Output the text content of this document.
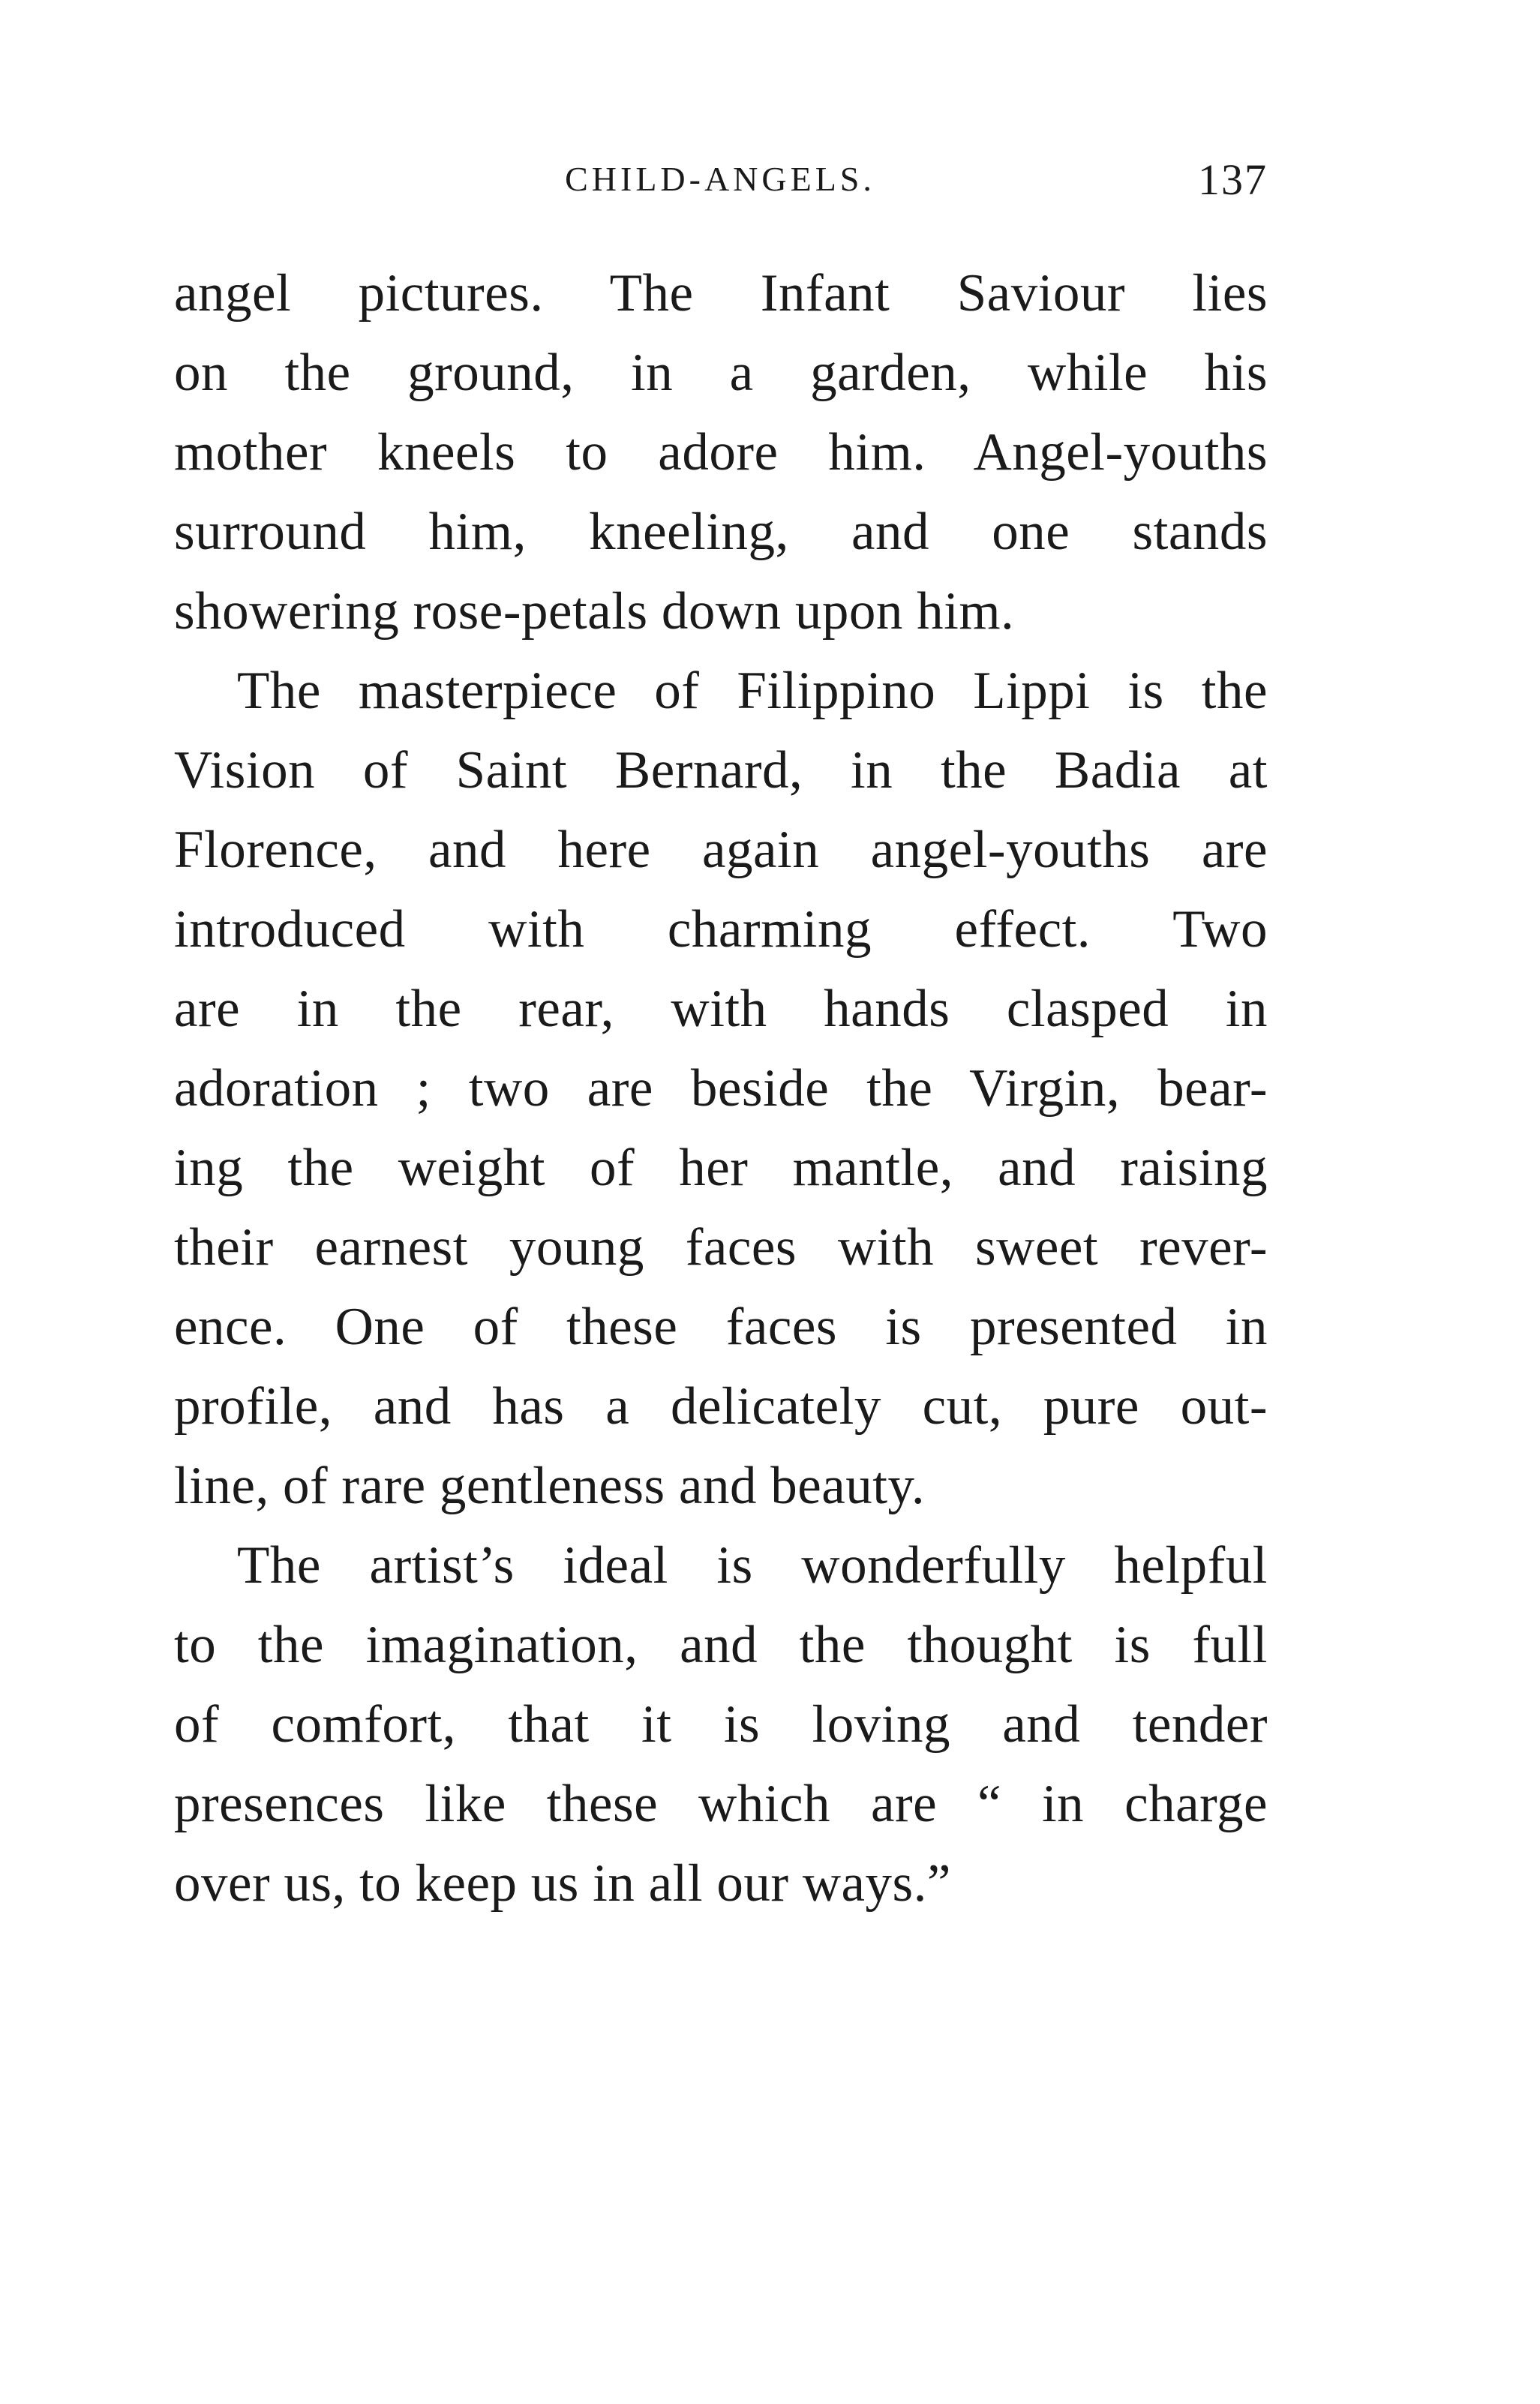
CHILD-ANGELS.	137
angel pictures. The Infant Saviour lies
on the ground, in a garden, while his
mother kneels to adore him. Angel-youths
surround him, kneeling, and one stands
showering rose-petals down upon him.
The masterpiece of Filippino Lippi is the
Vision of Saint Bernard, in the Badia at
Florence, and here again angel-youths are
introduced with charming effect. Two
are in the rear, with hands clasped in
adoration ; two are beside the Virgin, bear-
ing the weight of her mantle, and raising
their earnest young faces with sweet rever-
ence. One of these faces is presented in
profile, and has a delicately cut, pure out-
line, of rare gentleness and beauty.
The artist’s ideal is wonderfully helpful
to the imagination, and the thought is full
of comfort, that it is loving and tender
presences like these which are “ in charge
over us, to keep us in all our ways.”
